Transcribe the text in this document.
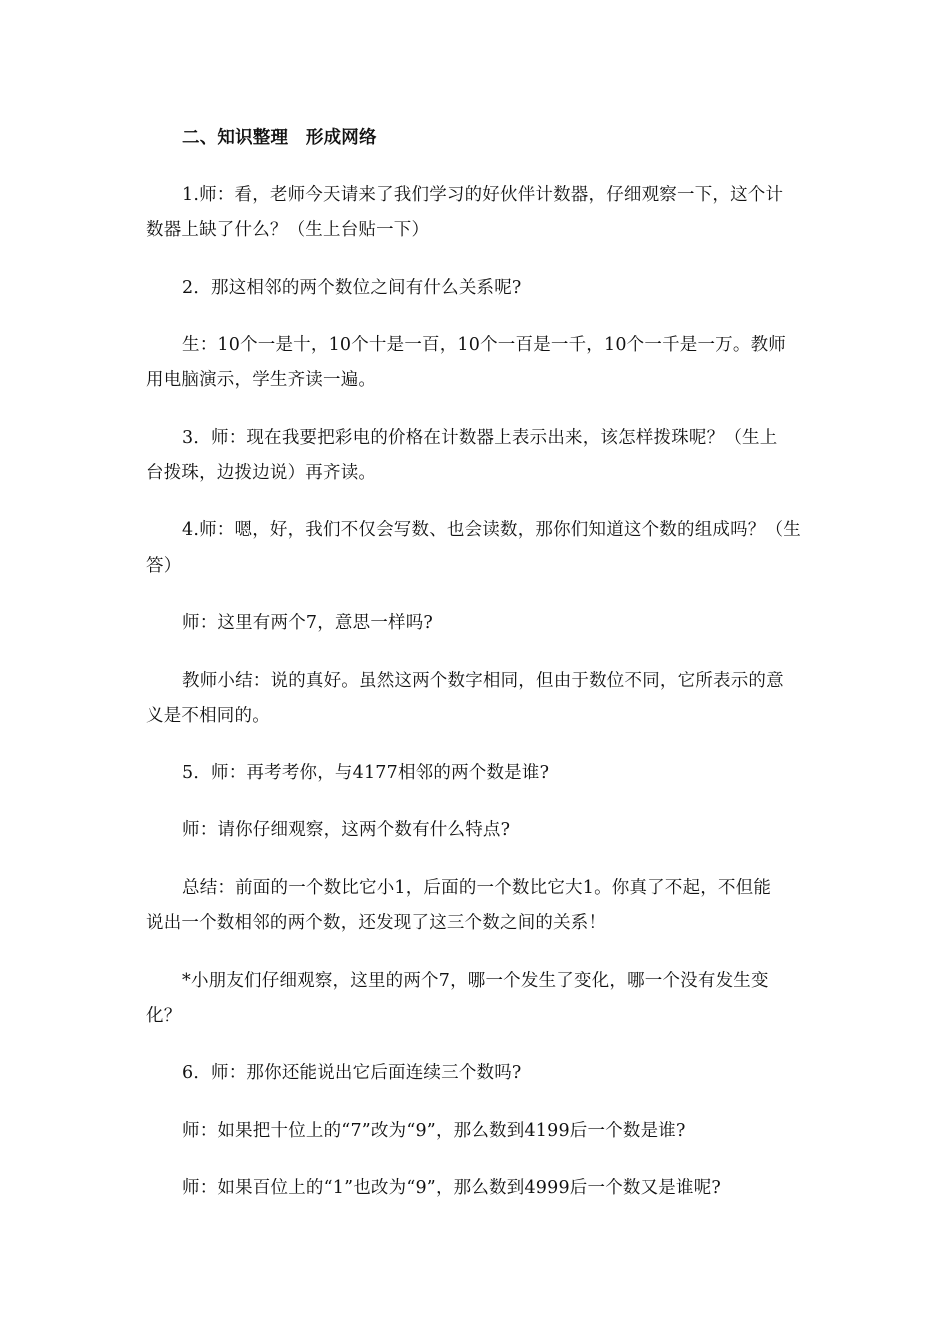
二、知识整理　形成网络
1.师：看，老师今天请来了我们学习的好伙伴计数器，仔细观察一下，这个计
数器上缺了什么？（生上台贴一下）
2．那这相邻的两个数位之间有什么关系呢?
生：10个一是十，10个十是一百，10个一百是一千，10个一千是一万。教师
用电脑演示，学生齐读一遍。
3．师：现在我要把彩电的价格在计数器上表示出来，该怎样拨珠呢？（生上
台拨珠，边拨边说）再齐读。
4.师：嗯，好，我们不仅会写数、也会读数，那你们知道这个数的组成吗？（生
答）
师：这里有两个7，意思一样吗?
教师小结：说的真好。虽然这两个数字相同，但由于数位不同，它所表示的意
义是不相同的。
5．师：再考考你，与4177相邻的两个数是谁?
师：请你仔细观察，这两个数有什么特点?
总结：前面的一个数比它小1，后面的一个数比它大1。你真了不起，不但能
说出一个数相邻的两个数，还发现了这三个数之间的关系！
*小朋友们仔细观察，这里的两个7，哪一个发生了变化，哪一个没有发生变
化？
6．师：那你还能说出它后面连续三个数吗?
师：如果把十位上的“7”改为“9”，那么数到4199后一个数是谁?
师：如果百位上的“1”也改为“9”，那么数到4999后一个数又是谁呢?
